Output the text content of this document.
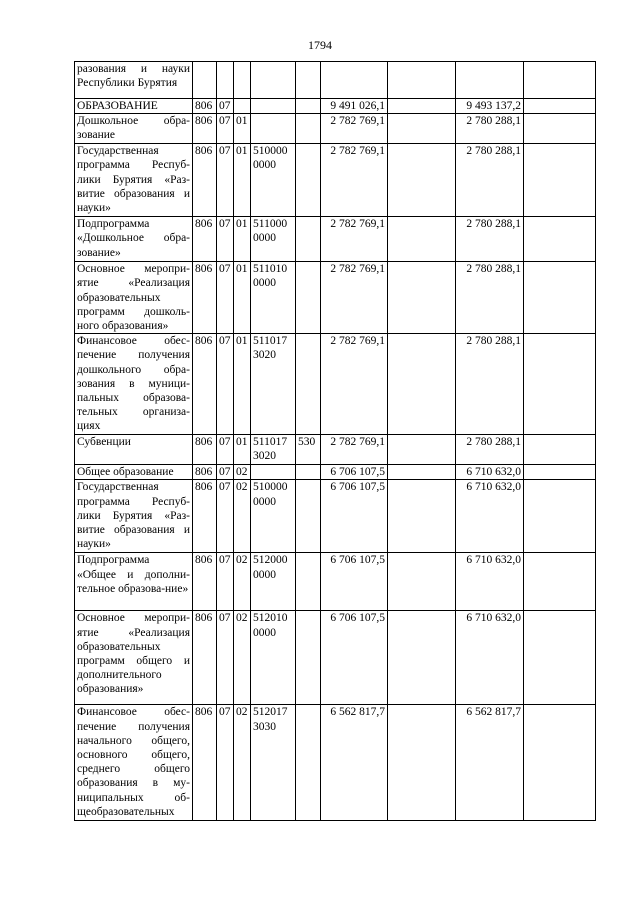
1794
разования и науки Республики Бурятия									
ОБРАЗОВАНИЕ	806	07				9 491 026,1		9 493 137,2	
Дошкольное обра-зование	806	07	01			2 782 769,1		2 780 288,1	
Государственная программа Респуб-лики Бурятия «Раз-витие образования и науки»	806	07	01	510000 0000		2 782 769,1		2 780 288,1	
Подпрограмма «Дошкольное обра-зование»	806	07	01	511000 0000		2 782 769,1		2 780 288,1	
Основное меропри-ятие «Реализация образовательных программ дошколь-ного образования»	806	07	01	511010 0000		2 782 769,1		2 780 288,1	
Финансовое обес-печение получения дошкольного обра-зования в муници-пальных образова-тельных организа-циях	806	07	01	511017 3020		2 782 769,1		2 780 288,1	
Субвенции	806	07	01	511017 3020	530	2 782 769,1		2 780 288,1	
Общее образование	806	07	02			6 706 107,5		6 710 632,0	
Государственная программа Респуб-лики Бурятия «Раз-витие образования и науки»	806	07	02	510000 0000		6 706 107,5		6 710 632,0	
Подпрограмма «Общее и дополни-тельное образова-ние»	806	07	02	512000 0000		6 706 107,5		6 710 632,0	
Основное меропри-ятие «Реализация образовательных программ общего и дополнительного образования»	806	07	02	512010 0000		6 706 107,5		6 710 632,0	
Финансовое обес-печение получения начального общего, основного общего, среднего общего образования в му-ниципальных об-щеобразовательных	806	07	02	512017 3030		6 562 817,7		6 562 817,7	
